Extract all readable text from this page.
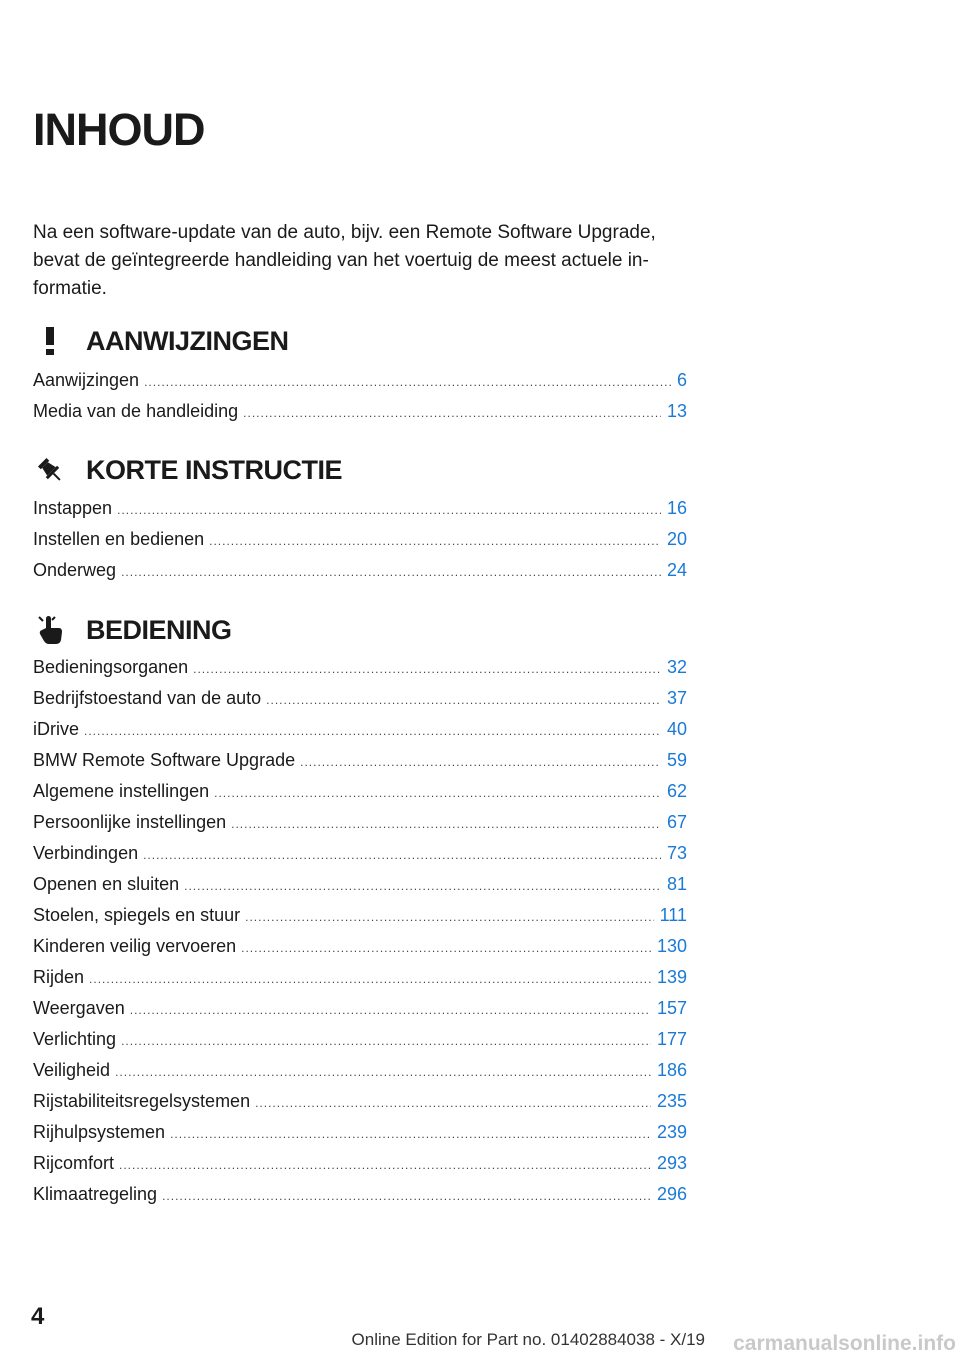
INHOUD

Na een software-update van de auto, bijv. een Remote Software Upgrade, bevat de geïntegreerde handleiding van het voertuig de meest actuele informatie.

AANWIJZINGEN
Aanwijzingen .....	6
Media van de handleiding .....	13
KORTE INSTRUCTIE
Instappen .....	16
Instellen en bedienen .....	20
Onderweg .....	24
BEDIENING
Bedieningsorganen .....	32
Bedrijfstoestand van de auto .....	37
iDrive .....	40
BMW Remote Software Upgrade .....	59
Algemene instellingen .....	62
Persoonlijke instellingen .....	67
Verbindingen .....	73
Openen en sluiten .....	81
Stoelen, spiegels en stuur .....	111
Kinderen veilig vervoeren .....	130
Rijden .....	139
Weergaven .....	157
Verlichting .....	177
Veiligheid .....	186
Rijstabiliteitsregelsystemen .....	235
Rijhulpsystemen .....	239
Rijcomfort .....	293
Klimaatregeling .....	296
4
Online Edition for Part no. 01402884038 - X/19 carmanualsonline.info
